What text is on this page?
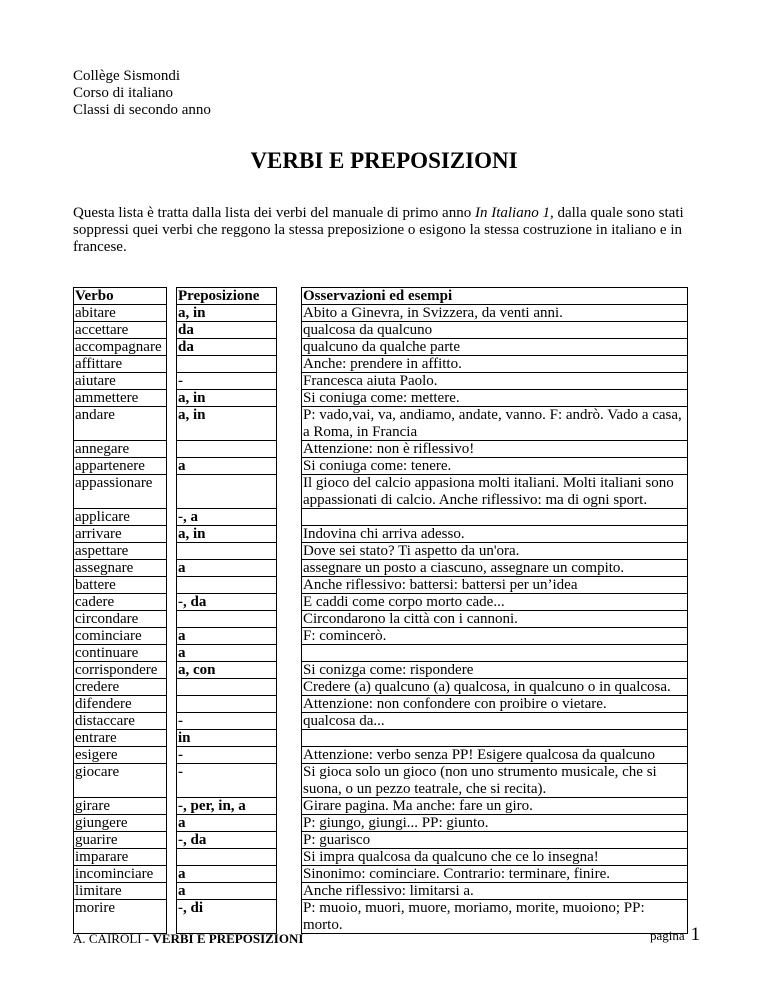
Collège Sismondi
Corso di italiano
Classi di secondo anno
VERBI E PREPOSIZIONI
Questa lista è tratta dalla lista dei verbi del manuale di primo anno In Italiano 1, dalla quale sono stati soppressi quei verbi che reggono la stessa preposizione o esigono la stessa costruzione in italiano e in francese.
Verbo
abitare
accettare
accompagnare
affittare
aiutare
ammettere
andare
annegare
appartenere
appassionare
applicare
arrivare
aspettare
assegnare
battere
cadere
circondare
cominciare
continuare
corrispondere
credere
difendere
distaccare
entrare
esigere
giocare
girare
giungere
guarire
imparare
incominciare
limitare
morire
Preposizione
a, in
da
da
-
a, in
a, in
a
-, a
a, in
a
-, da
a
a
a, con
-
in
-
-
-, per, in, a
a
-, da
a
a
-, di
Osservazioni ed esempi
Abito a Ginevra, in Svizzera, da venti anni.
qualcosa da qualcuno
qualcuno da qualche parte
Anche: prendere in affitto.
Francesca aiuta Paolo.
Si coniuga come: mettere.
P: vado,vai, va, andiamo, andate, vanno. F: andrò. Vado a casa, a Roma, in Francia
Attenzione: non è riflessivo!
Si coniuga come: tenere.
Il gioco del calcio appasiona molti italiani. Molti italiani sono appassionati di calcio. Anche riflessivo: ma di ogni sport.
Indovina chi arriva adesso.
Dove sei stato? Ti aspetto da un'ora.
assegnare un posto a ciascuno, assegnare un compito.
Anche riflessivo: battersi: battersi per un’idea
E caddi come corpo morto cade...
Circondarono la città con i cannoni.
F: comincerò.
Si conizga come: rispondere
Credere (a) qualcuno (a) qualcosa, in qualcuno o in qualcosa.
Attenzione: non confondere con proibire o vietare.
qualcosa da...
Attenzione: verbo senza PP! Esigere qualcosa da qualcuno
Si gioca solo un gioco (non uno strumento musicale, che si suona, o un pezzo teatrale, che si recita).
Girare pagina. Ma anche: fare un giro.
P: giungo, giungi... PP: giunto.
P: guarisco
Si impra qualcosa da qualcuno che ce lo insegna!
Sinonimo: cominciare. Contrario: terminare, finire.
Anche riflessivo: limitarsi a.
P: muoio, muori, muore, moriamo, morite, muoiono; PP: morto.
A. CAIROLI - VERBI E PREPOSIZIONI	pagina 1
